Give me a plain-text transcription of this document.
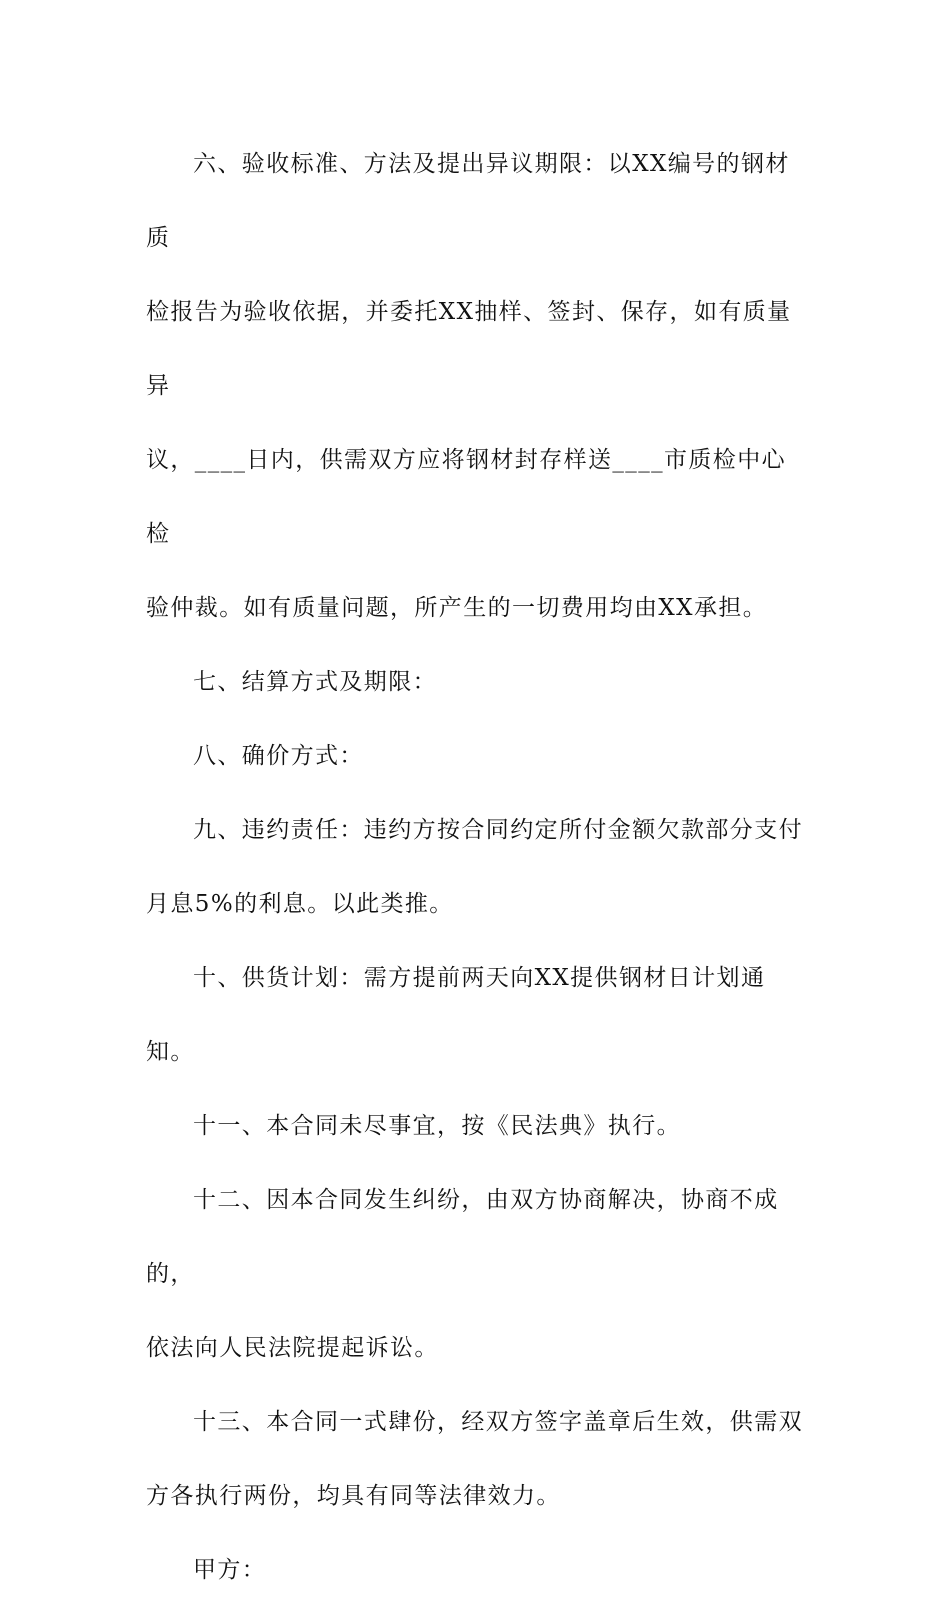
六、验收标准、方法及提出异议期限：以XX编号的钢材质
检报告为验收依据，并委托XX抽样、签封、保存，如有质量异
议，____日内，供需双方应将钢材封存样送____市质检中心检
验仲裁。如有质量问题，所产生的一切费用均由XX承担。

七、结算方式及期限：

八、确价方式：

九、违约责任：违约方按合同约定所付金额欠款部分支付
月息5%的利息。以此类推。

十、供货计划：需方提前两天向XX提供钢材日计划通知。

十一、本合同未尽事宜，按《民法典》执行。

十二、因本合同发生纠纷，由双方协商解决，协商不成的，
依法向人民法院提起诉讼。

十三、本合同一式肆份，经双方签字盖章后生效，供需双
方各执行两份，均具有同等法律效力。

甲方：
